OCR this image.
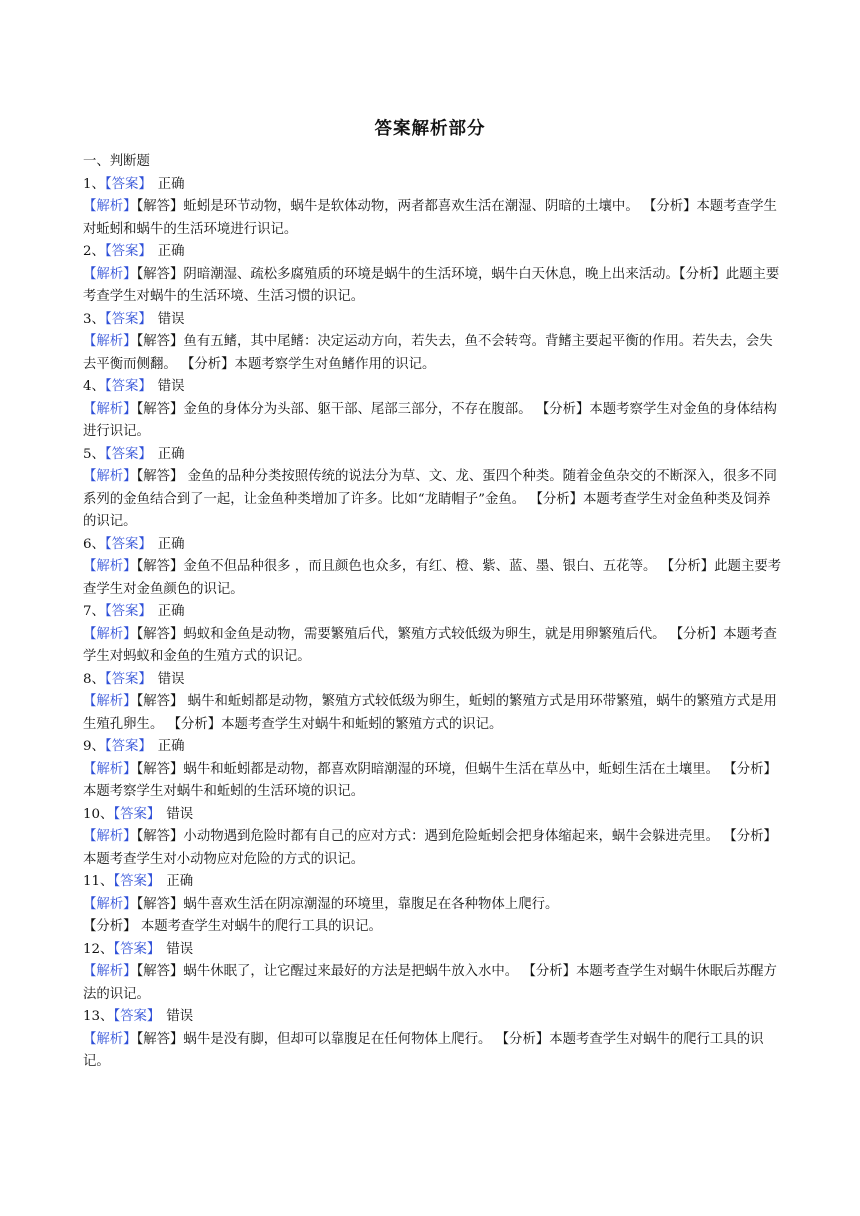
答案解析部分
一、判断题
1、【答案】 正确
【解析】【解答】蚯蚓是环节动物，蜗牛是软体动物，两者都喜欢生活在潮湿、阴暗的土壤中。 【分析】本题考查学生对蚯蚓和蜗牛的生活环境进行识记。
2、【答案】 正确
【解析】【解答】阴暗潮湿、疏松多腐殖质的环境是蜗牛的生活环境，蜗牛白天休息，晚上出来活动。【分析】此题主要考查学生对蜗牛的生活环境、生活习惯的识记。
3、【答案】 错误
【解析】【解答】鱼有五鳍，其中尾鳍：决定运动方向，若失去，鱼不会转弯。背鳍主要起平衡的作用。若失去，会失去平衡而侧翻。 【分析】本题考察学生对鱼鳍作用的识记。
4、【答案】 错误
【解析】【解答】金鱼的身体分为头部、躯干部、尾部三部分，不存在腹部。 【分析】本题考察学生对金鱼的身体结构进行识记。
5、【答案】 正确
【解析】【解答】 金鱼的品种分类按照传统的说法分为草、文、龙、蛋四个种类。随着金鱼杂交的不断深入，很多不同系列的金鱼结合到了一起，让金鱼种类增加了许多。比如“龙睛帽子”金鱼。 【分析】本题考查学生对金鱼种类及饲养的识记。
6、【答案】 正确
【解析】【解答】金鱼不但品种很多 ，而且颜色也众多，有红、橙、紫、蓝、墨、银白、五花等。 【分析】此题主要考查学生对金鱼颜色的识记。
7、【答案】 正确
【解析】【解答】蚂蚁和金鱼是动物，需要繁殖后代，繁殖方式较低级为卵生，就是用卵繁殖后代。 【分析】本题考查学生对蚂蚁和金鱼的生殖方式的识记。
8、【答案】 错误
【解析】【解答】 蜗牛和蚯蚓都是动物，繁殖方式较低级为卵生，蚯蚓的繁殖方式是用环带繁殖，蜗牛的繁殖方式是用生殖孔卵生。 【分析】本题考查学生对蜗牛和蚯蚓的繁殖方式的识记。
9、【答案】 正确
【解析】【解答】蜗牛和蚯蚓都是动物，都喜欢阴暗潮湿的环境，但蜗牛生活在草丛中，蚯蚓生活在土壤里。 【分析】本题考察学生对蜗牛和蚯蚓的生活环境的识记。
10、【答案】 错误
【解析】【解答】小动物遇到危险时都有自己的应对方式：遇到危险蚯蚓会把身体缩起来，蜗牛会躲进壳里。 【分析】本题考查学生对小动物应对危险的方式的识记。
11、【答案】 正确
【解析】【解答】蜗牛喜欢生活在阴凉潮湿的环境里，靠腹足在各种物体上爬行。
【分析】 本题考查学生对蜗牛的爬行工具的识记。
12、【答案】 错误
【解析】【解答】蜗牛休眠了，让它醒过来最好的方法是把蜗牛放入水中。 【分析】本题考查学生对蜗牛休眠后苏醒方法的识记。
13、【答案】 错误
【解析】【解答】蜗牛是没有脚，但却可以靠腹足在任何物体上爬行。 【分析】本题考查学生对蜗牛的爬行工具的识记。
